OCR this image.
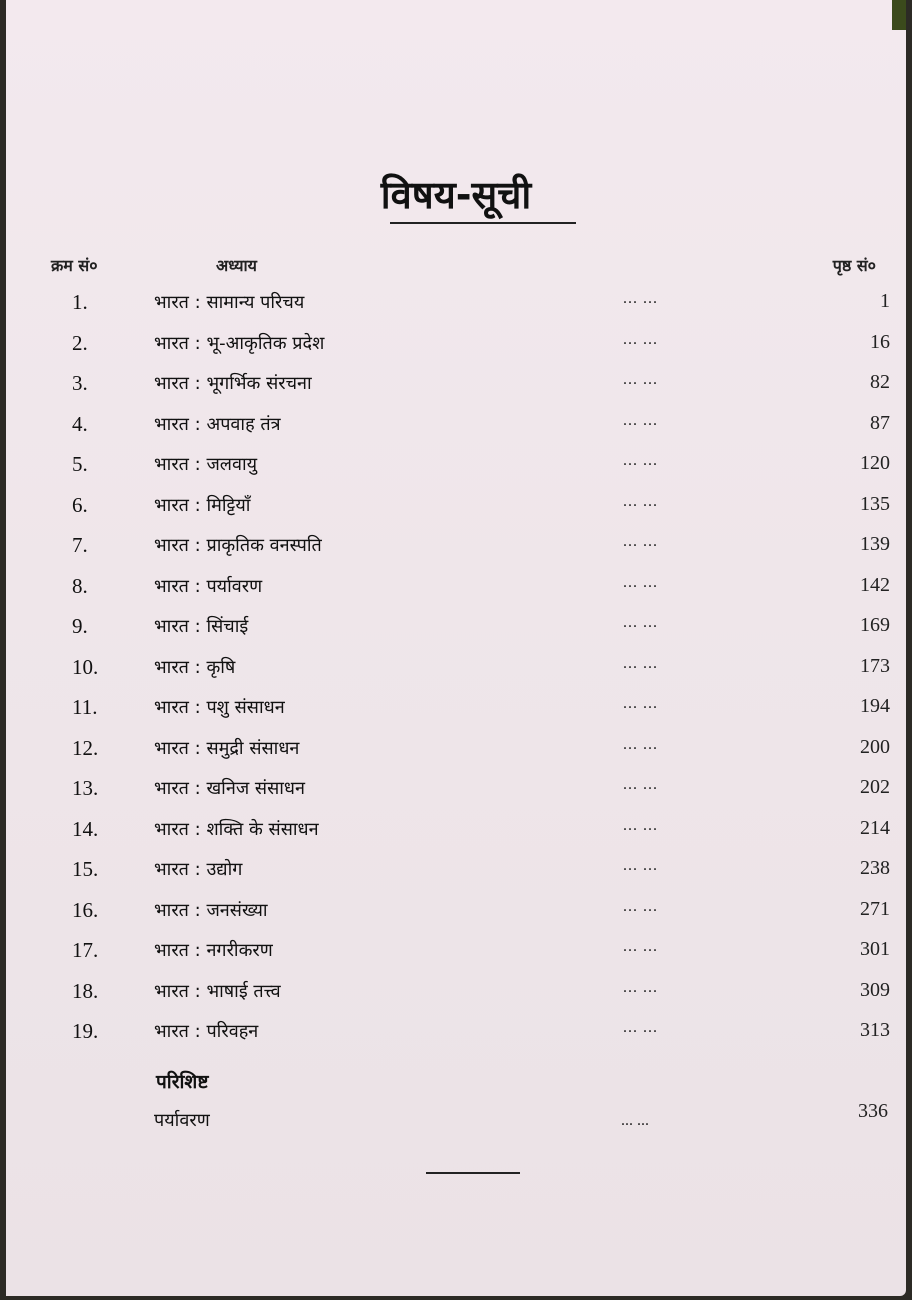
विषय-सूची
क्रम सं०	अध्याय	पृष्ठ सं०
1.	भारत : सामान्य परिचय	... ...	1
2.	भारत : भू-आकृतिक प्रदेश	... ...	16
3.	भारत : भूगर्भिक संरचना	... ...	82
4.	भारत : अपवाह तंत्र	... ...	87
5.	भारत : जलवायु	... ...	120
6.	भारत : मिट्टियाँ	... ...	135
7.	भारत : प्राकृतिक वनस्पति	... ...	139
8.	भारत : पर्यावरण	... ...	142
9.	भारत : सिंचाई	... ...	169
10.	भारत : कृषि	... ...	173
11.	भारत : पशु संसाधन	... ...	194
12.	भारत : समुद्री संसाधन	... ...	200
13.	भारत : खनिज संसाधन	... ...	202
14.	भारत : शक्ति के संसाधन	... ...	214
15.	भारत : उद्योग	... ...	238
16.	भारत : जनसंख्या	... ...	271
17.	भारत : नगरीकरण	... ...	301
18.	भारत : भाषाई तत्त्व	... ...	309
19.	भारत : परिवहन	... ...	313
परिशिष्ट
पर्यावरण	... ...	336
